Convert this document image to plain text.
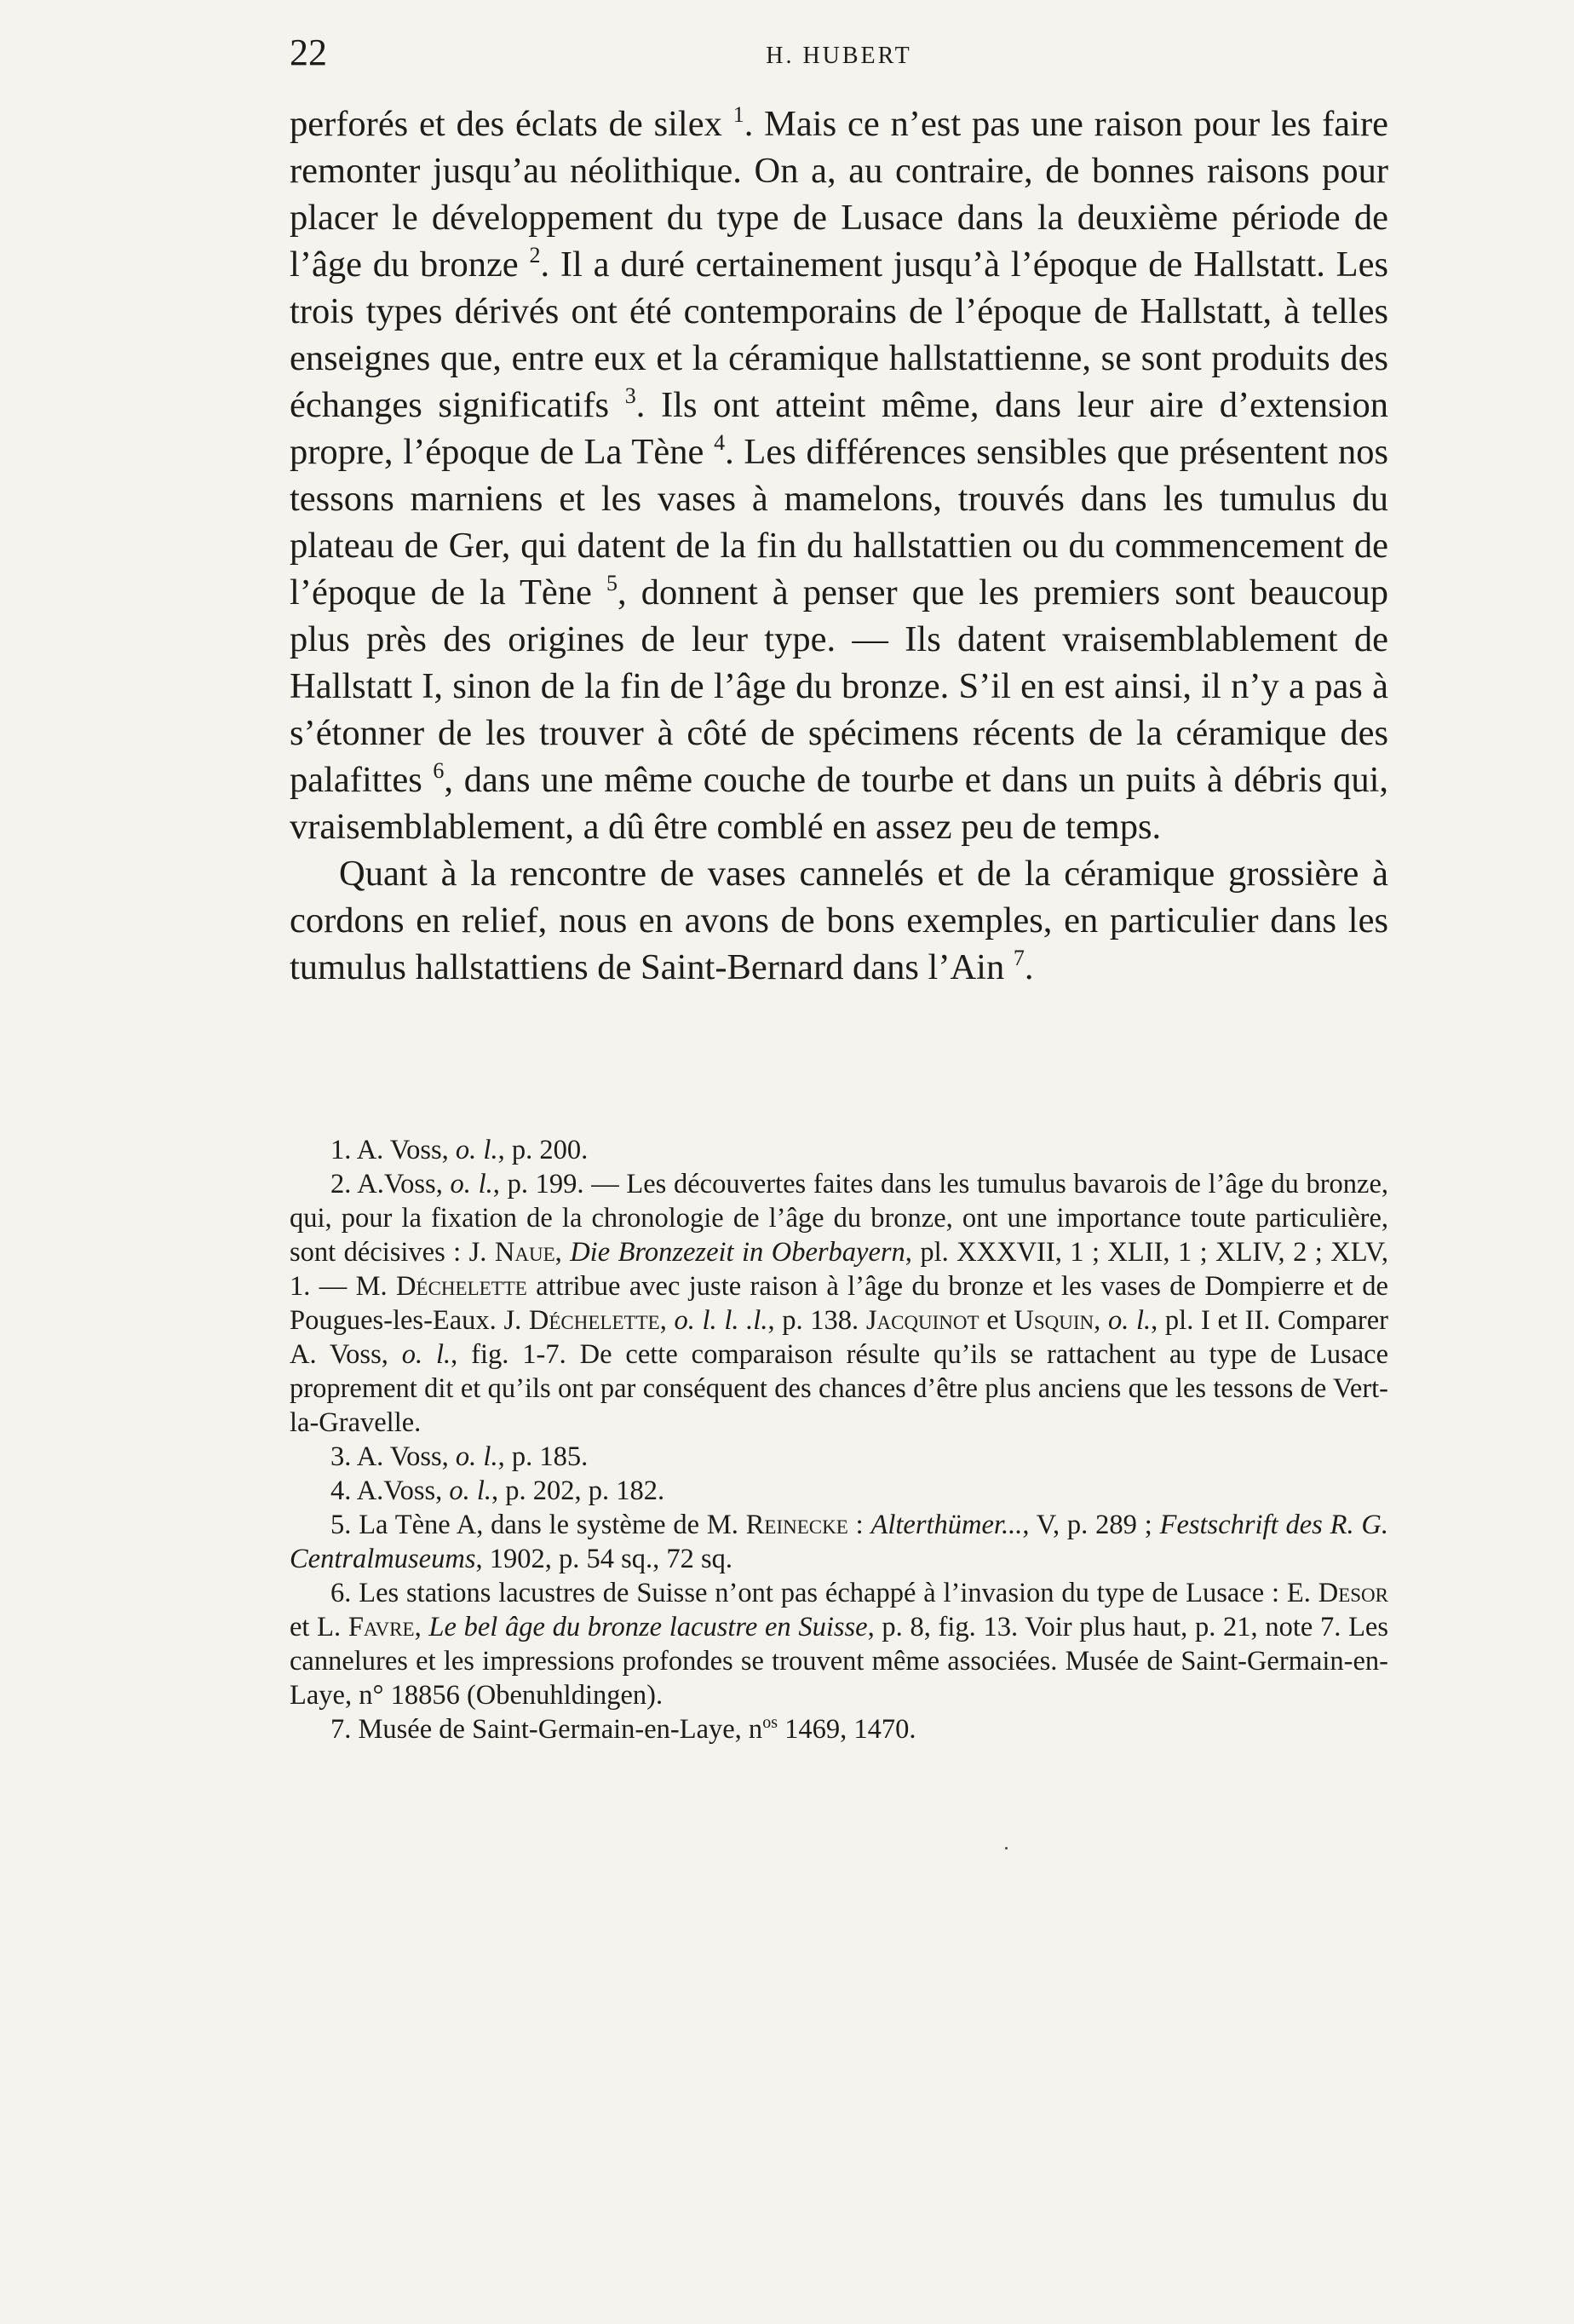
22	H. HUBERT

perforés et des éclats de silex $^1$. Mais ce n’est pas une raison pour les faire remonter jusqu’au néolithique. On a, au contraire, de bonnes raisons pour placer le développement du type de Lusace dans la deuxième période de l’âge du bronze $^2$. Il a duré certainement jusqu’à l’époque de Hallstatt. Les trois types dérivés ont été contemporains de l’époque de Hallstatt, à telles enseignes que, entre eux et la céramique hallstattienne, se sont produits des échanges significatifs $^3$. Ils ont atteint même, dans leur aire d’extension propre, l’époque de La Tène $^4$. Les différences sensibles que présentent nos tessons marniens et les vases à mamelons, trouvés dans les tumulus du plateau de Ger, qui datent de la fin du hallstattien ou du commencement de l’époque de la Tène $^5$, donnent à penser que les premiers sont beaucoup plus près des origines de leur type. — Ils datent vraisemblablement de Hallstatt I, sinon de la fin de l’âge du bronze. S’il en est ainsi, il n’y a pas à s’étonner de les trouver à côté de spécimens récents de la céramique des palafittes $^6$, dans une même couche de tourbe et dans un puits à débris qui, vraisemblablement, a dû être comblé en assez peu de temps.

Quant à la rencontre de vases cannelés et de la céramique grossière à cordons en relief, nous en avons de bons exemples, en particulier dans les tumulus hallstattiens de Saint-Bernard dans l’Ain $^7$.

1. A. Voss, o. l., p. 200.

2. A.Voss, o. l., p. 199. — Les découvertes faites dans les tumulus bavarois de l’âge du bronze, qui, pour la fixation de la chronologie de l’âge du bronze, ont une importance toute particulière, sont décisives : J. Naue, Die Bronzezeit in Oberbayern, pl. XXXVII, 1 ; XLII, 1 ; XLIV, 2 ; XLV, 1. — M. Déchelette attribue avec juste raison à l’âge du bronze et les vases de Dompierre et de Pougues-les-Eaux. J. Déchelette, o. l. l. .l., p. 138. Jacquinot et Usquin, o. l., pl. I et II. Comparer A. Voss, o. l., fig. 1-7. De cette comparaison résulte qu’ils se rattachent au type de Lusace proprement dit et qu’ils ont par conséquent des chances d’être plus anciens que les tessons de Vert-la-Gravelle.

3. A. Voss, o. l., p. 185.

4. A.Voss, o. l., p. 202, p. 182.

5. La Tène A, dans le système de M. Reinecke : Alterthümer..., V, p. 289 ; Festschrift des R. G. Centralmuseums, 1902, p. 54 sq., 72 sq.

6. Les stations lacustres de Suisse n’ont pas échappé à l’invasion du type de Lusace : E. Desor et L. Favre, Le bel âge du bronze lacustre en Suisse, p. 8, fig. 13. Voir plus haut, p. 21, note 7. Les cannelures et les impressions profondes se trouvent même associées. Musée de Saint-Germain-en-Laye, n° 18856 (Obenuhldingen).

7. Musée de Saint-Germain-en-Laye, $n^{os}$ 1469, 1470.
